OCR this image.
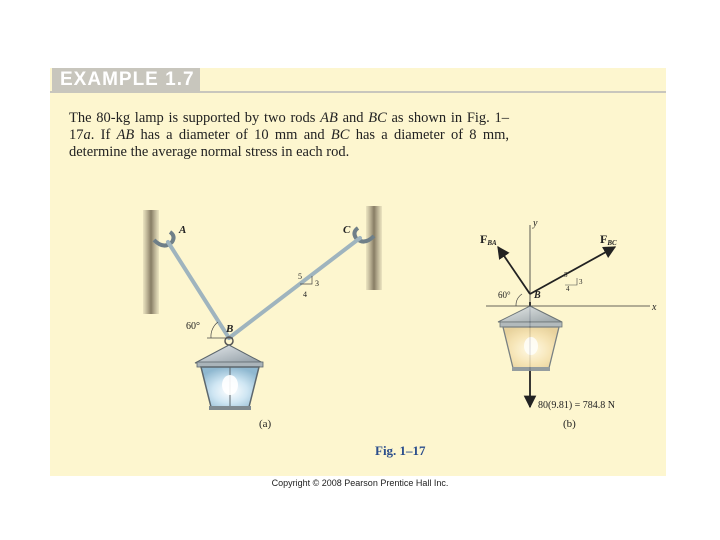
EXAMPLE 1.7

The 80-kg lamp is supported by two rods AB and BC as shown in Fig. 1–17a. If AB has a diameter of 10 mm and BC has a diameter of 8 mm, determine the average normal stress in each rod.

A	C
B
5
3
4
60°
(a)
y
x
FBA	FBC
5
3
4
60° B
80(9.81) = 784.8 N
(b)
Fig. 1–17
Copyright © 2008 Pearson Prentice Hall Inc.
